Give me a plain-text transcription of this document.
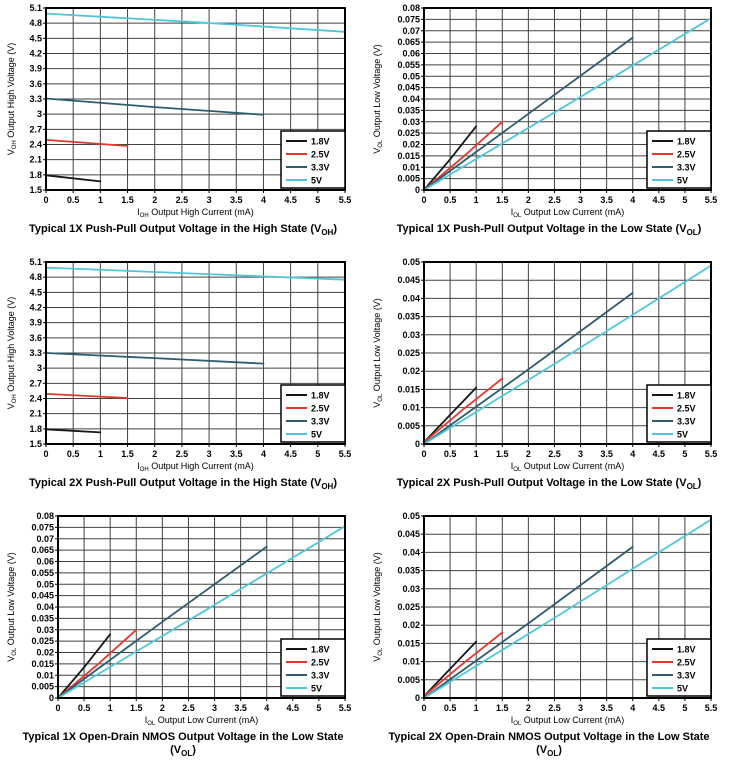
0 0.5 1 1.5 2 2.5 3 3.5 4 4.5 5 5.5
1.5
1.8
2.1
2.4
2.7
3
3.3
3.6
3.9
4.2
4.5
4.8
5.1
$I_{OH}$ Output High Current (mA)
$V_{OH}$ Output High Voltage (V)
1.8V
2.5V
3.3V
5V
Typical 1X Push-Pull Output Voltage in the High State $(V_{OH})$
0 0.5 1 1.5 2 2.5 3 3.5 4 4.5 5 5.5
0
0.005
0.01
0.015
0.02
0.025
0.03
0.035
0.04
0.045
0.05
0.055
0.06
0.065
0.07
0.075
0.08
$I_{OL}$ Output Low Current (mA)
$V_{OL}$ Output Low Voltage (V)
1.8V
2.5V
3.3V
5V
Typical 1X Push-Pull Output Voltage in the Low State $(V_{OL})$
0 0.5 1 1.5 2 2.5 3 3.5 4 4.5 5 5.5
1.5
1.8
2.1
2.4
2.7
3
3.3
3.6
3.9
4.2
4.5
4.8
5.1
$I_{OH}$ Output High Current (mA)
$V_{OH}$ Output High Voltage (V)
1.8V
2.5V
3.3V
5V
Typical 2X Push-Pull Output Voltage in the High State $(V_{OH})$
0 0.5 1 1.5 2 2.5 3 3.5 4 4.5 5 5.5
0
0.005
0.01
0.015
0.02
0.025
0.03
0.035
0.04
0.045
0.05
$I_{OL}$ Output Low Current (mA)
$V_{OL}$ Output Low Voltage (V)
1.8V
2.5V
3.3V
5V
Typical 2X Push-Pull Output Voltage in the Low State $(V_{OL})$
0 0.5 1 1.5 2 2.5 3 3.5 4 4.5 5 5.5
0
0.005
0.01
0.015
0.02
0.025
0.03
0.035
0.04
0.045
0.05
0.055
0.06
0.065
0.07
0.075
0.08
$I_{OL}$ Output Low Current (mA)
$V_{OL}$ Output Low Voltage (V)
1.8V
2.5V
3.3V
5V
Typical 1X Open-Drain NMOS Output Voltage in the Low State $(V_{OL})$
0 0.5 1 1.5 2 2.5 3 3.5 4 4.5 5 5.5
0
0.005
0.01
0.015
0.02
0.025
0.03
0.035
0.04
0.045
0.05
$I_{OL}$ Output Low Current (mA)
$V_{OL}$ Output Low Voltage (V)
1.8V
2.5V
3.3V
5V
Typical 2X Open-Drain NMOS Output Voltage in the Low State $(V_{OL})$
